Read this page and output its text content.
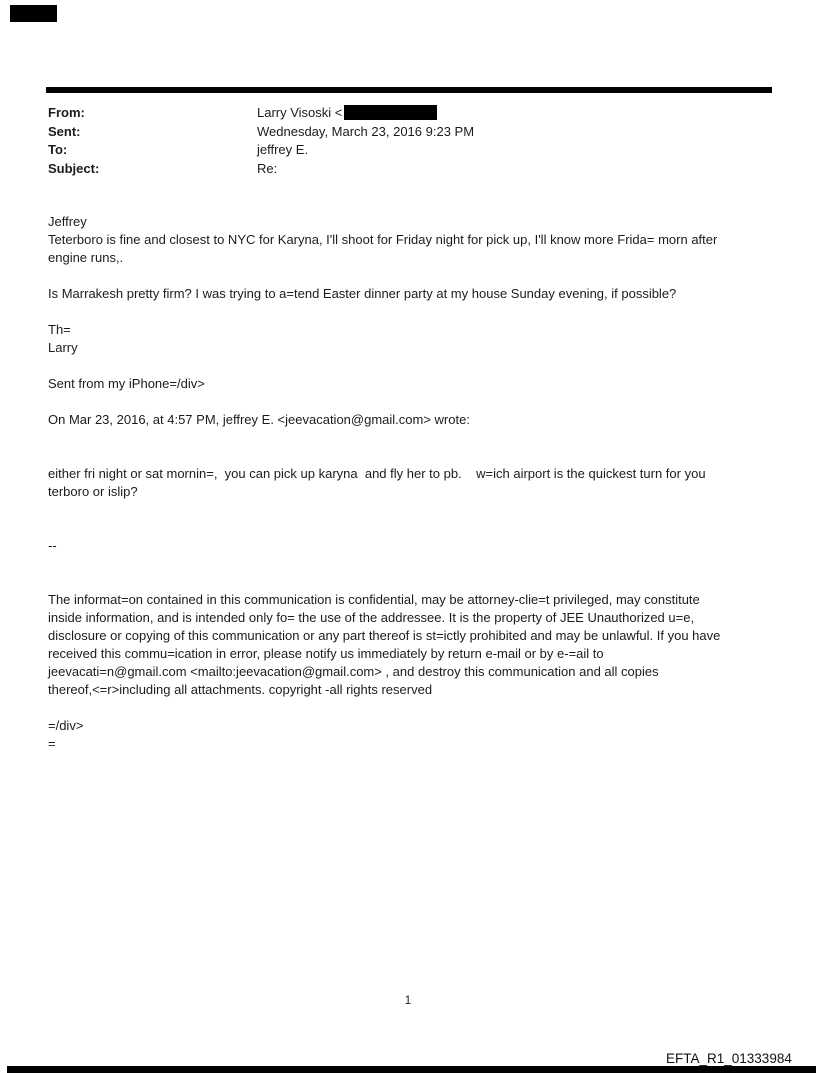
From:	Larry Visoski <
Sent:	Wednesday, March 23, 2016 9:23 PM
To:	jeffrey E.
Subject:	Re:
Jeffrey
Teterboro is fine and closest to NYC for Karyna, I'll shoot for Friday night for pick up, I'll know more Frida= morn after
engine runs,.
Is Marrakesh pretty firm? I was trying to a=tend Easter dinner party at my house Sunday evening, if possible?
Th=
Larry
Sent from my iPhone=/div>
On Mar 23, 2016, at 4:57 PM, jeffrey E. <jeevacation@gmail.com> wrote:
either fri night or sat mornin=,  you can pick up karyna  and fly her to pb.    w=ich airport is the quickest turn for you
terboro or islip?
--
The informat=on contained in this communication is confidential, may be attorney-clie=t privileged, may constitute
inside information, and is intended only fo= the use of the addressee. It is the property of JEE Unauthorized u=e,
disclosure or copying of this communication or any part thereof is st=ictly prohibited and may be unlawful. If you have
received this commu=ication in error, please notify us immediately by return e-mail or by e-=ail to
jeevacati=n@gmail.com <mailto:jeevacation@gmail.com> , and destroy this communication and all copies
thereof,<=r>including all attachments. copyright -all rights reserved
=/div>
=
1
EFTA_R1_01333984
